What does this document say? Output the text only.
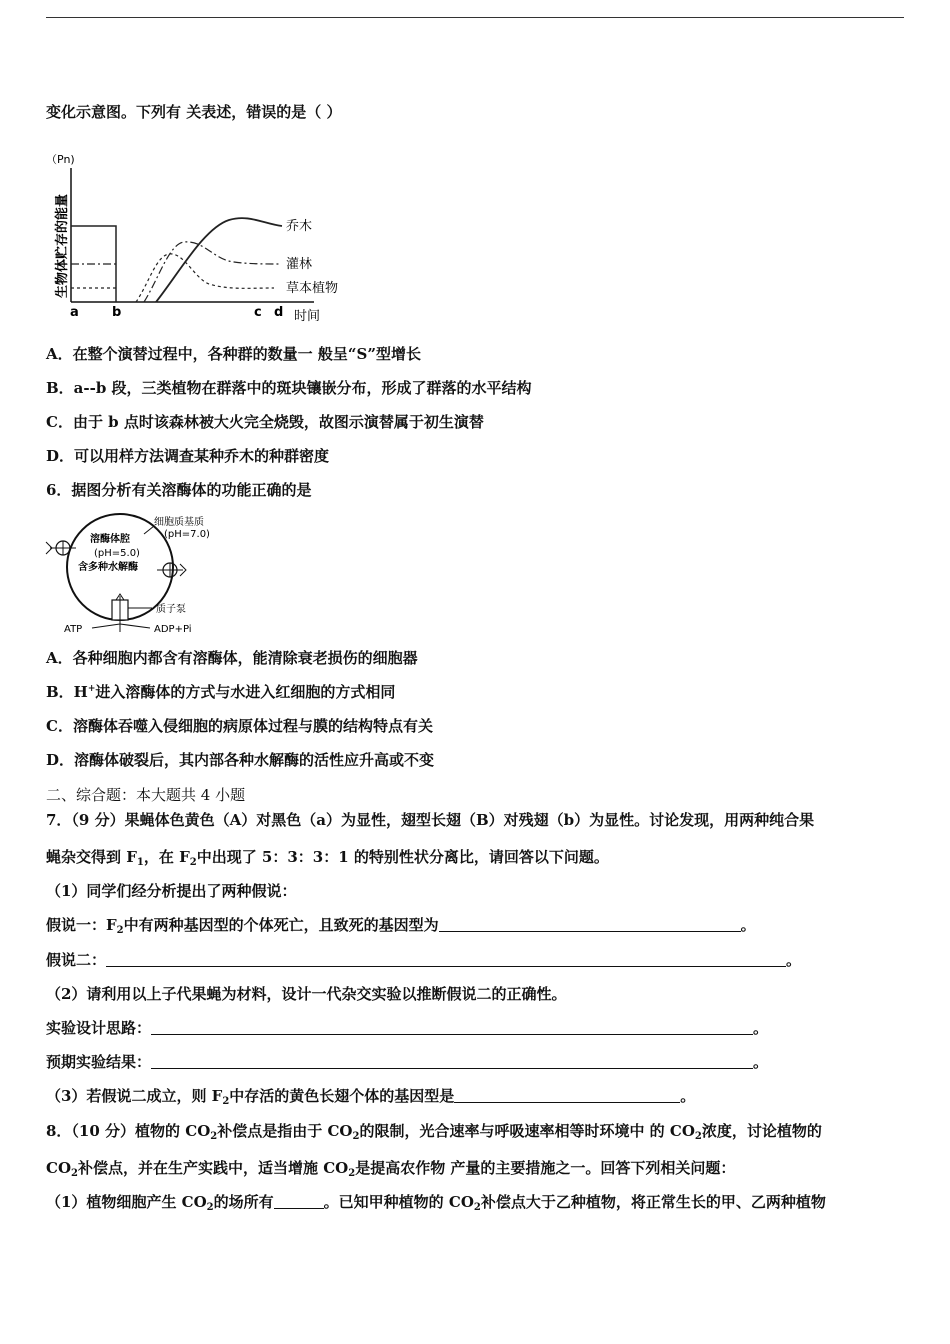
变化示意图。下列有 关表述，错误的是（ ）
（Pn)
生物体贮存的能量	乔木
灌林
草本植物
a	b	c d 时间
A．在整个演替过程中，各种群的数量一 般呈“S”型增长
B．a--b 段，三类植物在群落中的斑块镶嵌分布，形成了群落的水平结构
C．由于 b 点时该森林被大火完全烧毁，故图示演替属于初生演替
D．可以用样方法调查某种乔木的种群密度
6．据图分析有关溶酶体的功能正确的是
溶酶体腔
(pH=5.0)
含多种水解酶
细胞质基质
(pH=7.0)
质子泵
ATP	ADP+Pi
A．各种细胞内都含有溶酶体，能清除衰老损伤的细胞器
B．H+进入溶酶体的方式与水进入红细胞的方式相同
C．溶酶体吞噬入侵细胞的病原体过程与膜的结构特点有关
D．溶酶体破裂后，其内部各种水解酶的活性应升高或不变
二、综合题：本大题共 4 小题
7．（9 分）果蝇体色黄色（A）对黑色（a）为显性，翅型长翅（B）对残翅（b）为显性。讨论发现，用两种纯合果
蝇杂交得到 $F_1$，在 $F_2$中出现了 5：3：3：1 的特别性状分离比，请回答以下问题。
（1）同学们经分析提出了两种假说：
假说一：$F_2$中有两种基因型的个体死亡，且致死的基因型为	。
假说二：	。
（2）请利用以上子代果蝇为材料，设计一代杂交实验以推断假说二的正确性。
实验设计思路：	。
预期实验结果：	。
（3）若假说二成立，则 $F_2$中存活的黄色长翅个体的基因型是	。
8．（10 分）植物的 $CO_2$补偿点是指由于 $CO_2$的限制，光合速率与呼吸速率相等时环境中 的 $CO_2$浓度，讨论植物的
$CO_2$补偿点，并在生产实践中，适当增施 $CO_2$是提高农作物 产量的主要措施之一。回答下列相关问题：
（1）植物细胞产生 $CO_2$的场所有	。已知甲种植物的 $CO_2$补偿点大于乙种植物，将正常生长的甲、乙两种植物
